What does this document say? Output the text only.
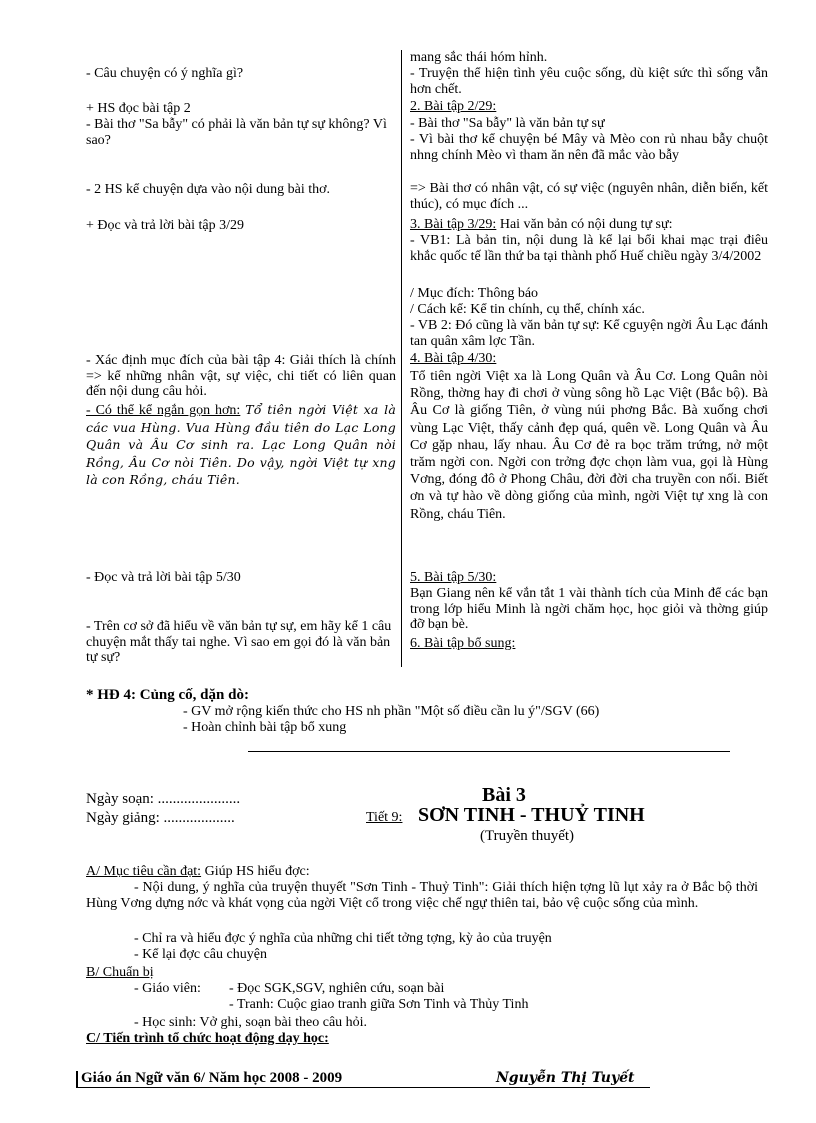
- Câu chuyện có ý nghĩa gì?

+ HS đọc bài tập 2

- Bài thơ "Sa bẫy" có phải là văn bản tự sự không? Vì sao?

- 2 HS kể chuyện dựa vào nội dung bài thơ.

+ Đọc và trả lời bài tập 3/29

- Xác định mục đích của bài tập 4: Giải thích là chính => kể những nhân vật, sự việc, chi tiết có liên quan đến nội dung câu hỏi.

- Có thể kể ngắn gọn hơn: Tổ tiên ngời Việt xa là các vua Hùng. Vua Hùng đầu tiên do Lạc Long Quân và Âu Cơ sinh ra. Lạc Long Quân nòi Rồng, Âu Cơ nòi Tiên. Do vậy, ngời Việt tự xng là con Rồng, cháu Tiên.

- Đọc và trả lời bài tập 5/30

- Trên cơ sở đã hiểu về văn bản tự sự, em hãy kể 1 câu chuyện mắt thấy tai nghe. Vì sao em gọi đó là văn bản tự sự?

mang sắc thái hóm hỉnh.

- Truyện thể hiện tình yêu cuộc sống, dù kiệt sức thì sống vẫn hơn chết.

2. Bài tập 2/29:

- Bài thơ "Sa bẫy" là văn bản tự sự

- Vì bài thơ kể chuyện bé Mây và Mèo con rủ nhau bẫy chuột nhng chính Mèo vì tham ăn nên đã mắc vào bẫy

=> Bài thơ có nhân vật, có sự việc (nguyên nhân, diễn biến, kết thúc), có mục đích ...

3. Bài tập 3/29: Hai văn bản có nội dung tự sự:

- VB1: Là bản tin, nội dung là kể lại bổi khai mạc trại điêu khắc quốc tế lần thứ ba tại thành phố Huế chiều ngày 3/4/2002

/ Mục đích: Thông báo

/ Cách kể: Kể tin chính, cụ thể, chính xác.

- VB 2: Đó cũng là văn bản tự sự: Kể cguyện ngời Âu Lạc đánh tan quân xâm lợc Tần.

4. Bài tập 4/30:

Tổ tiên ngời Việt xa là Long Quân và Âu Cơ. Long Quân nòi Rồng, thờng hay đi chơi ở vùng sông hồ Lạc Việt (Bắc bộ). Bà Âu Cơ là giống Tiên, ở vùng núi phơng Bắc. Bà xuống chơi vùng Lạc Việt, thấy cảnh đẹp quá, quên về. Long Quân và Âu Cơ gặp nhau, lấy nhau. Âu Cơ đẻ ra bọc trăm trứng, nở một trăm ngời con. Ngời con trởng đợc chọn làm vua, gọi là Hùng Vơng, đóng đô ở Phong Châu, đời đời cha truyền con nối. Biết ơn và tự hào về dòng giống của mình, ngời Việt tự xng là con Rồng, cháu Tiên.

5. Bài tập 5/30:

Bạn Giang nên kể vắn tắt 1 vài thành tích của Minh để các bạn trong lớp hiểu Minh là ngời chăm học, học giỏi và thờng giúp đỡ bạn bè.

6. Bài tập bổ sung:

* HĐ 4: Củng cố, dặn dò:

- GV mở rộng kiến thức cho HS nh phần "Một số điều cần lu ý"/SGV (66)

- Hoàn chỉnh bài tập bổ xung

Ngày soạn: ......................

Ngày giảng: ...................

Bài 3

Tiết 9: SƠN TINH - THUỶ TINH

(Truyền thuyết)

A/ Mục tiêu cần đạt: Giúp HS hiểu đợc:

- Nội dung, ý nghĩa của truyện thuyết "Sơn Tinh - Thuỷ Tinh": Giải thích hiện tợng lũ lụt xảy ra ở Bắc bộ thời Hùng Vơng dựng nớc và khát vọng của ngời Việt cổ trong việc chế ngự thiên tai, bảo vệ cuộc sống của mình.

- Chỉ ra và hiểu đợc ý nghĩa của những chi tiết tởng tợng, kỳ ảo của truyện

- Kể lại đợc câu chuyện

B/ Chuẩn bị

- Giáo viên: - Đọc SGK,SGV, nghiên cứu, soạn bài

- Tranh: Cuộc giao tranh giữa Sơn Tinh và Thủy Tinh

- Học sinh: Vở ghi, soạn bài theo câu hỏi.

C/ Tiến trình tổ chức hoạt động dạy học:

Giáo án Ngữ văn 6/ Năm học 2008 - 2009	Nguyễn Thị Tuyết
